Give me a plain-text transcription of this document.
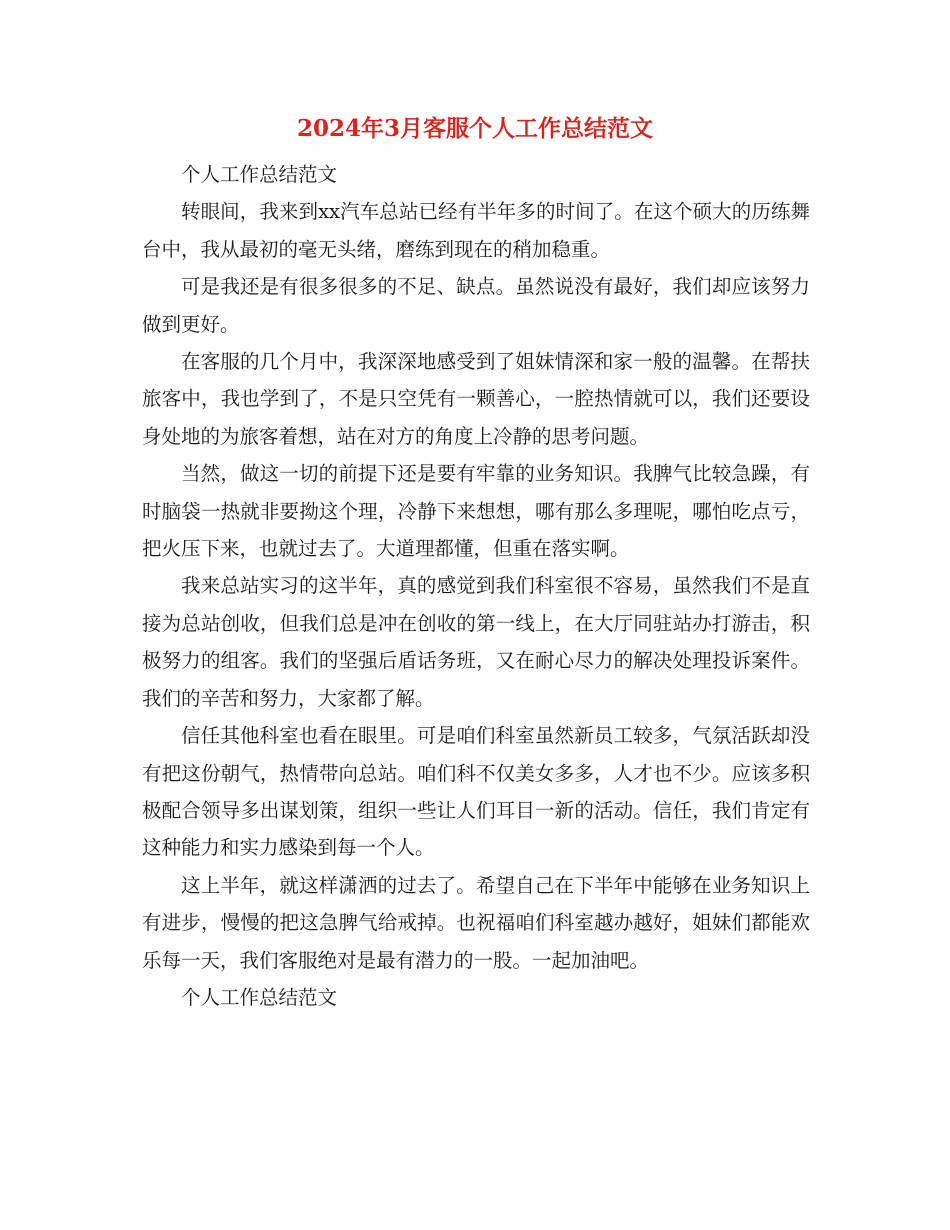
2024年3月客服个人工作总结范文

个人工作总结范文

转眼间，我来到xx汽车总站已经有半年多的时间了。在这个硕大的历练舞台中，我从最初的毫无头绪，磨练到现在的稍加稳重。

可是我还是有很多很多的不足、缺点。虽然说没有最好，我们却应该努力做到更好。

在客服的几个月中，我深深地感受到了姐妹情深和家一般的温馨。在帮扶旅客中，我也学到了，不是只空凭有一颗善心，一腔热情就可以，我们还要设身处地的为旅客着想，站在对方的角度上冷静的思考问题。

当然，做这一切的前提下还是要有牢靠的业务知识。我脾气比较急躁，有时脑袋一热就非要拗这个理，冷静下来想想，哪有那么多理呢，哪怕吃点亏，把火压下来，也就过去了。大道理都懂，但重在落实啊。

我来总站实习的这半年，真的感觉到我们科室很不容易，虽然我们不是直接为总站创收，但我们总是冲在创收的第一线上，在大厅同驻站办打游击，积极努力的组客。我们的坚强后盾话务班，又在耐心尽力的解决处理投诉案件。我们的辛苦和努力，大家都了解。

信任其他科室也看在眼里。可是咱们科室虽然新员工较多，气氛活跃却没有把这份朝气，热情带向总站。咱们科不仅美女多多，人才也不少。应该多积极配合领导多出谋划策，组织一些让人们耳目一新的活动。信任，我们肯定有这种能力和实力感染到每一个人。

这上半年，就这样潇洒的过去了。希望自己在下半年中能够在业务知识上有进步，慢慢的把这急脾气给戒掉。也祝福咱们科室越办越好，姐妹们都能欢乐每一天，我们客服绝对是最有潜力的一股。一起加油吧。

个人工作总结范文
